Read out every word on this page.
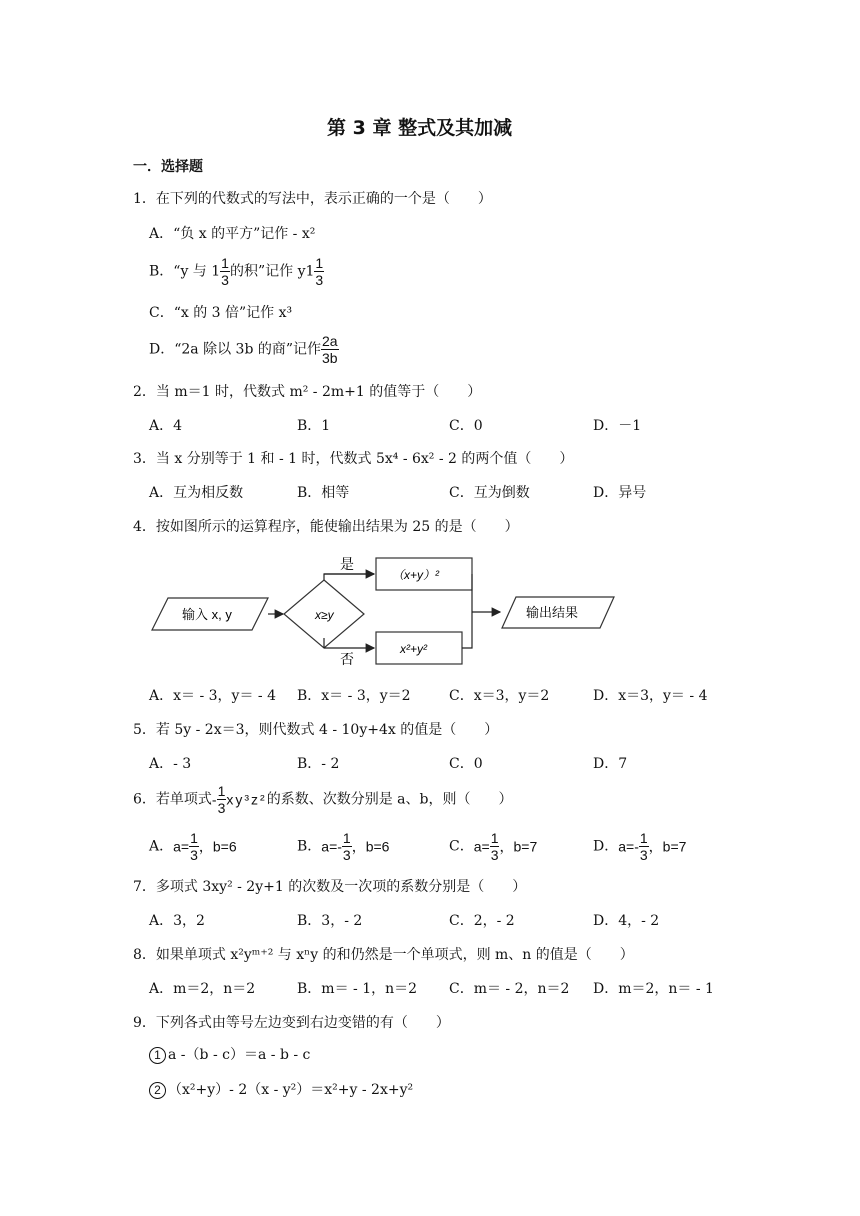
第 3 章 整式及其加减
一．选择题
1．在下列的代数式的写法中，表示正确的一个是（　　）
A．“负 x 的平方”记作 - x²
B．“y 与 $1 \frac{1}{3}$ 的积”记作 $y1 \frac{1}{3}$
C．“x 的 3 倍”记作 x³
D．“2a 除以 3b 的商”记作 $\frac{2a}{3b}$
2．当 m＝1 时，代数式 m² - 2m+1 的值等于（　　）
A．4	B．1	C．0	D．－1
3．当 x 分别等于 1 和 - 1 时，代数式 5x⁴ - 6x² - 2 的两个值（　　）
A．互为相反数	B．相等	C．互为倒数	D．异号
4．按如图所示的运算程序，能使输出结果为 25 的是（　　）
输入 x, y	x≥y
是
（x+y）²
否
x²+y²
输出结果
A．x＝ - 3，y＝ - 4 B．x＝ - 3，y＝2	C．x＝3，y＝2	D．x＝3，y＝ - 4
5．若 5y - 2x＝3，则代数式 4 - 10y+4x 的值是（　　）
A．- 3	B．- 2	C．0	D．7
6．若单项式- $\frac{1}{3} xy^3z^2$的系数、次数分别是 a、b，则（　　）
A．$a= \frac{1}{3}$ ，b=6	B．$a=- \frac{1}{3}$ ，b=6	C．$a= \frac{1}{3}$ ，b=7	D．$a=- \frac{1}{3}$ ，b=7
7．多项式 3xy² - 2y+1 的次数及一次项的系数分别是（　　）
A．3，2	B．3，- 2	C．2，- 2	D．4，- 2
8．如果单项式 x²yᵐ⁺² 与 xⁿy 的和仍然是一个单项式，则 m、n 的值是（　　）
A．m＝2，n＝2	B．m＝ - 1，n＝2 C．m＝ - 2，n＝2 D．m＝2，n＝ - 1
9．下列各式由等号左边变到右边变错的有（　　）
1 a -（b - c）＝a - b - c
2 （x²+y）- 2（x - y²）＝x²+y - 2x+y²
